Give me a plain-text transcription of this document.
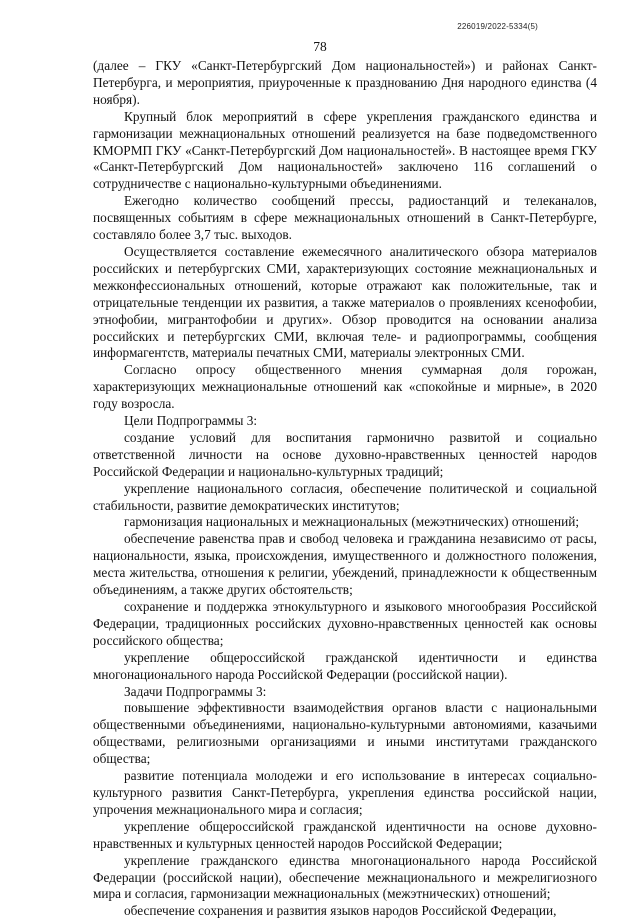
226019/2022-5334(5)
78

(далее – ГКУ «Санкт-Петербургский Дом национальностей») и районах Санкт-Петербурга, и мероприятия, приуроченные к празднованию Дня народного единства (4 ноября).

Крупный блок мероприятий в сфере укрепления гражданского единства и гармонизации межнациональных отношений реализуется на базе подведомственного КМОРМП ГКУ «Санкт-Петербургский Дом национальностей». В настоящее время ГКУ «Санкт-Петербургский Дом национальностей» заключено 116 соглашений о сотрудничестве с национально-культурными объединениями.

Ежегодно количество сообщений прессы, радиостанций и телеканалов, посвященных событиям в сфере межнациональных отношений в Санкт-Петербурге, составляло более 3,7 тыс. выходов.

Осуществляется составление ежемесячного аналитического обзора материалов российских и петербургских СМИ, характеризующих состояние межнациональных и межконфессиональных отношений, которые отражают как положительные, так и отрицательные тенденции их развития, а также материалов о проявлениях ксенофобии, этнофобии, мигрантофобии и других». Обзор проводится на основании анализа российских и петербургских СМИ, включая теле- и радиопрограммы, сообщения информагентств, материалы печатных СМИ, материалы электронных СМИ.

Согласно опросу общественного мнения суммарная доля горожан, характеризующих межнациональные отношений как «спокойные и мирные», в 2020 году возросла.

Цели Подпрограммы 3:

создание условий для воспитания гармонично развитой и социально ответственной личности на основе духовно-нравственных ценностей народов Российской Федерации и национально-культурных традиций;

укрепление национального согласия, обеспечение политической и социальной стабильности, развитие демократических институтов;

гармонизация национальных и межнациональных (межэтнических) отношений;

обеспечение равенства прав и свобод человека и гражданина независимо от расы, национальности, языка, происхождения, имущественного и должностного положения, места жительства, отношения к религии, убеждений, принадлежности к общественным объединениям, а также других обстоятельств;

сохранение и поддержка этнокультурного и языкового многообразия Российской Федерации, традиционных российских духовно-нравственных ценностей как основы российского общества;

укрепление общероссийской гражданской идентичности и единства многонационального народа Российской Федерации (российской нации).

Задачи Подпрограммы 3:

повышение эффективности взаимодействия органов власти с национальными общественными объединениями, национально-культурными автономиями, казачьими обществами, религиозными организациями и иными институтами гражданского общества;

развитие потенциала молодежи и его использование в интересах социально-культурного развития Санкт-Петербурга, укрепления единства российской нации, упрочения межнационального мира и согласия;

укрепление общероссийской гражданской идентичности на основе духовно-нравственных и культурных ценностей народов Российской Федерации;

укрепление гражданского единства многонационального народа Российской Федерации (российской нации), обеспечение межнационального и межрелигиозного мира и согласия, гармонизации межнациональных (межэтнических) отношений;

обеспечение сохранения и развития языков народов Российской Федерации,
